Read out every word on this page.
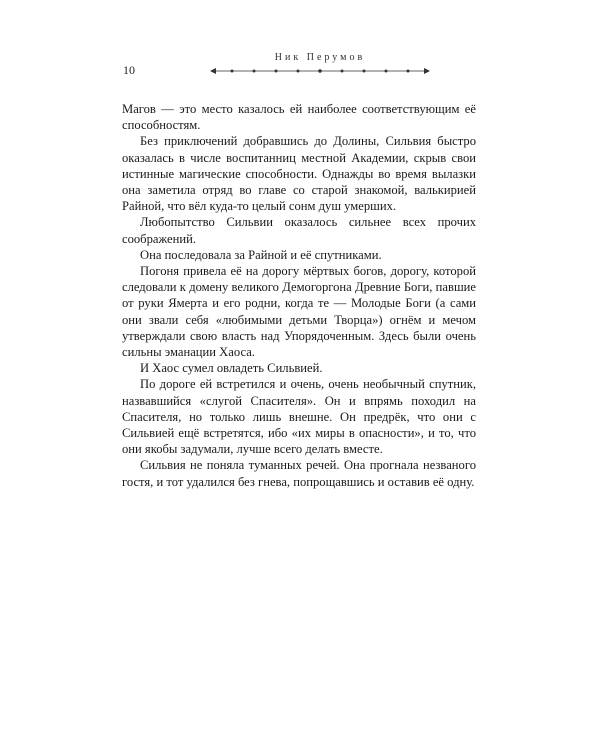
10
Ник Перумов

Магов — это место казалось ей наиболее соответствующим её способностям.

Без приключений добравшись до Долины, Сильвия быстро оказалась в числе воспитанниц местной Академии, скрыв свои истинные магические способности. Однажды во время вылазки она заметила отряд во главе со старой знакомой, валькирией Райной, что вёл куда-то целый сонм душ умерших.

Любопытство Сильвии оказалось сильнее всех прочих соображений.

Она последовала за Райной и её спутниками.

Погоня привела её на дорогу мёртвых богов, дорогу, которой следовали к домену великого Демогоргона Древние Боги, павшие от руки Ямерта и его родни, когда те — Молодые Боги (а сами они звали себя «любимыми детьми Творца») огнём и мечом утверждали свою власть над Упорядоченным. Здесь были очень сильны эманации Хаоса.

И Хаос сумел овладеть Сильвией.

По дороге ей встретился и очень, очень необычный спутник, назвавшийся «слугой Спасителя». Он и впрямь походил на Спасителя, но только лишь внешне. Он предрёк, что они с Сильвией ещё встретятся, ибо «их миры в опасности», и то, что они якобы задумали, лучше всего делать вместе.

Сильвия не поняла туманных речей. Она прогнала незваного гостя, и тот удалился без гнева, попрощавшись и оставив её одну.
